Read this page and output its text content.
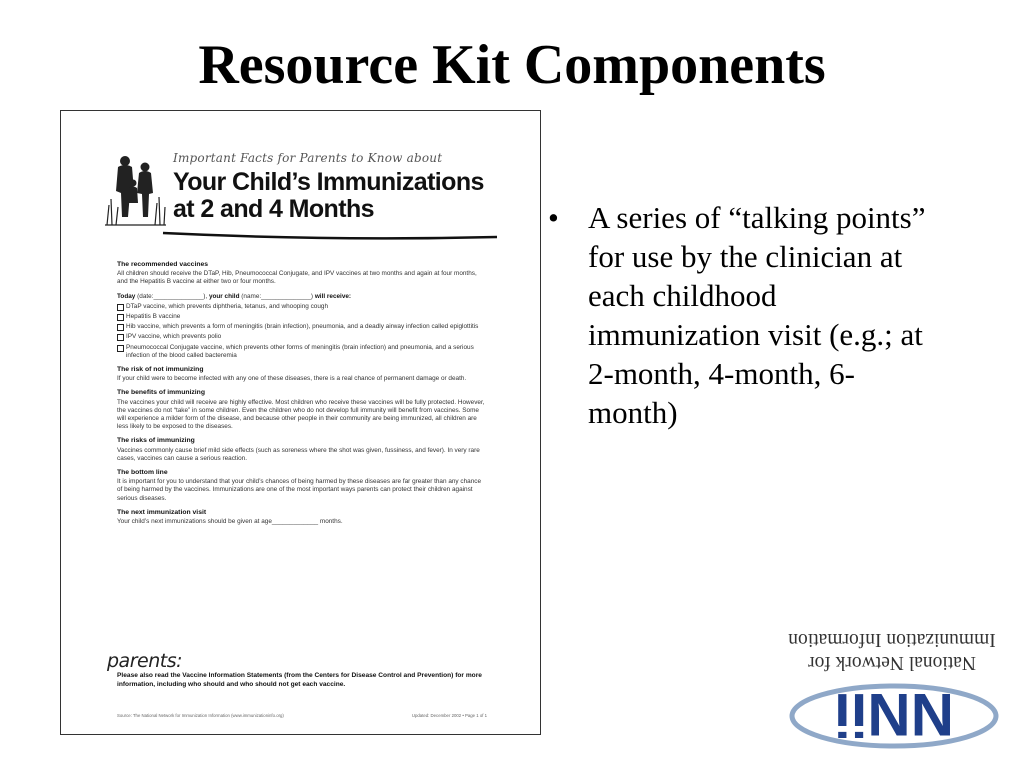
Resource Kit Components
Important Facts for Parents to Know about
Your Child’s Immunizations
at 2 and 4 Months
The recommended vaccines

All children should receive the DTaP, Hib, Pneumococcal Conjugate, and IPV vaccines at two months and again at four months, and the Hepatitis B vaccine at either two or four months.

Today (date:______________), your child (name:______________) will receive:
DTaP vaccine, which prevents diphtheria, tetanus, and whooping cough
Hepatitis B vaccine
Hib vaccine, which prevents a form of meningitis (brain infection), pneumonia, and a deadly airway infection called epiglottitis
IPV vaccine, which prevents polio
Pneumococcal Conjugate vaccine, which prevents other forms of meningitis (brain infection) and pneumonia, and a serious infection of the blood called bacteremia
The risk of not immunizing

If your child were to become infected with any one of these diseases, there is a real chance of permanent damage or death.

The benefits of immunizing

The vaccines your child will receive are highly effective. Most children who receive these vaccines will be fully protected. However, the vaccines do not “take” in some children. Even the children who do not develop full immunity will benefit from vaccines. Some will experience a milder form of the disease, and because other people in their community are being immunized, all children are less likely to be exposed to the diseases.

The risks of immunizing

Vaccines commonly cause brief mild side effects (such as soreness where the shot was given, fussiness, and fever). In very rare cases, vaccines can cause a serious reaction.

The bottom line

It is important for you to understand that your child’s chances of being harmed by these diseases are far greater than any chance of being harmed by the vaccines. Immunizations are one of the most important ways parents can protect their children against serious diseases.

The next immunization visit

Your child’s next immunizations should be given at age_____________ months.

parents:
Please also read the Vaccine Information Statements (from the Centers for Disease Control and Prevention) for more information, including who should and who should not get each vaccine.
Source: The National Network for Immunization Information (www.immunizationinfo.org)	Updated: December 2002 • Page 1 of 1
• A series of “talking points” for use by the clinician at each childhood immunization visit (e.g.; at 2-month, 4-month, 6-month)
National Network for
Immunization Information
NNii
